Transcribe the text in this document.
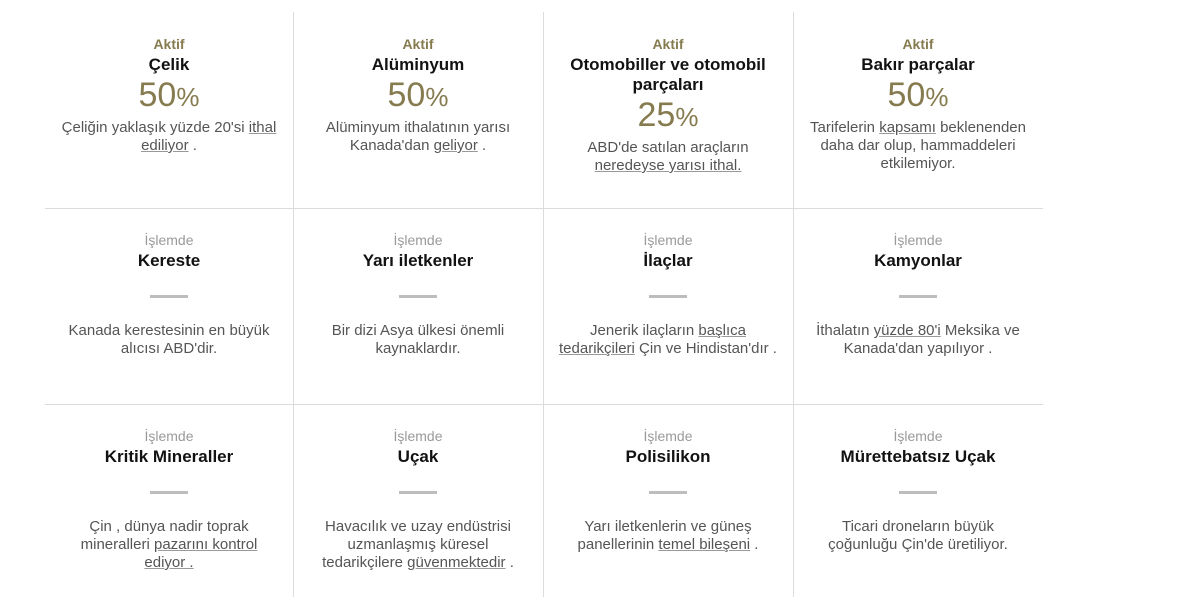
Aktif
Çelik
50%
Çeliğin yaklaşık yüzde 20'si ithal ediliyor .
Aktif
Alüminyum
50%
Alüminyum ithalatının yarısı Kanada'dan geliyor .
Aktif
Otomobiller ve otomobil parçaları
25%
ABD'de satılan araçların neredeyse yarısı ithal.
Aktif
Bakır parçalar
50%
Tarifelerin kapsamı beklenenden daha dar olup, hammaddeleri etkilemiyor.
İşlemde
Kereste
Kanada kerestesinin en büyük alıcısı ABD'dir.
İşlemde
Yarı iletkenler
Bir dizi Asya ülkesi önemli kaynaklardır.
İşlemde
İlaçlar
Jenerik ilaçların başlıca tedarikçileri Çin ve Hindistan'dır .
İşlemde
Kamyonlar
İthalatın yüzde 80'i Meksika ve Kanada'dan yapılıyor .
İşlemde
Kritik Mineraller
Çin , dünya nadir toprak mineralleri pazarını kontrol ediyor .
İşlemde
Uçak
Havacılık ve uzay endüstrisi uzmanlaşmış küresel tedarikçilere güvenmektedir .
İşlemde
Polisilikon
Yarı iletkenlerin ve güneş panellerinin temel bileşeni .
İşlemde
Mürettebatsız Uçak
Ticari droneların büyük çoğunluğu Çin'de üretiliyor.
